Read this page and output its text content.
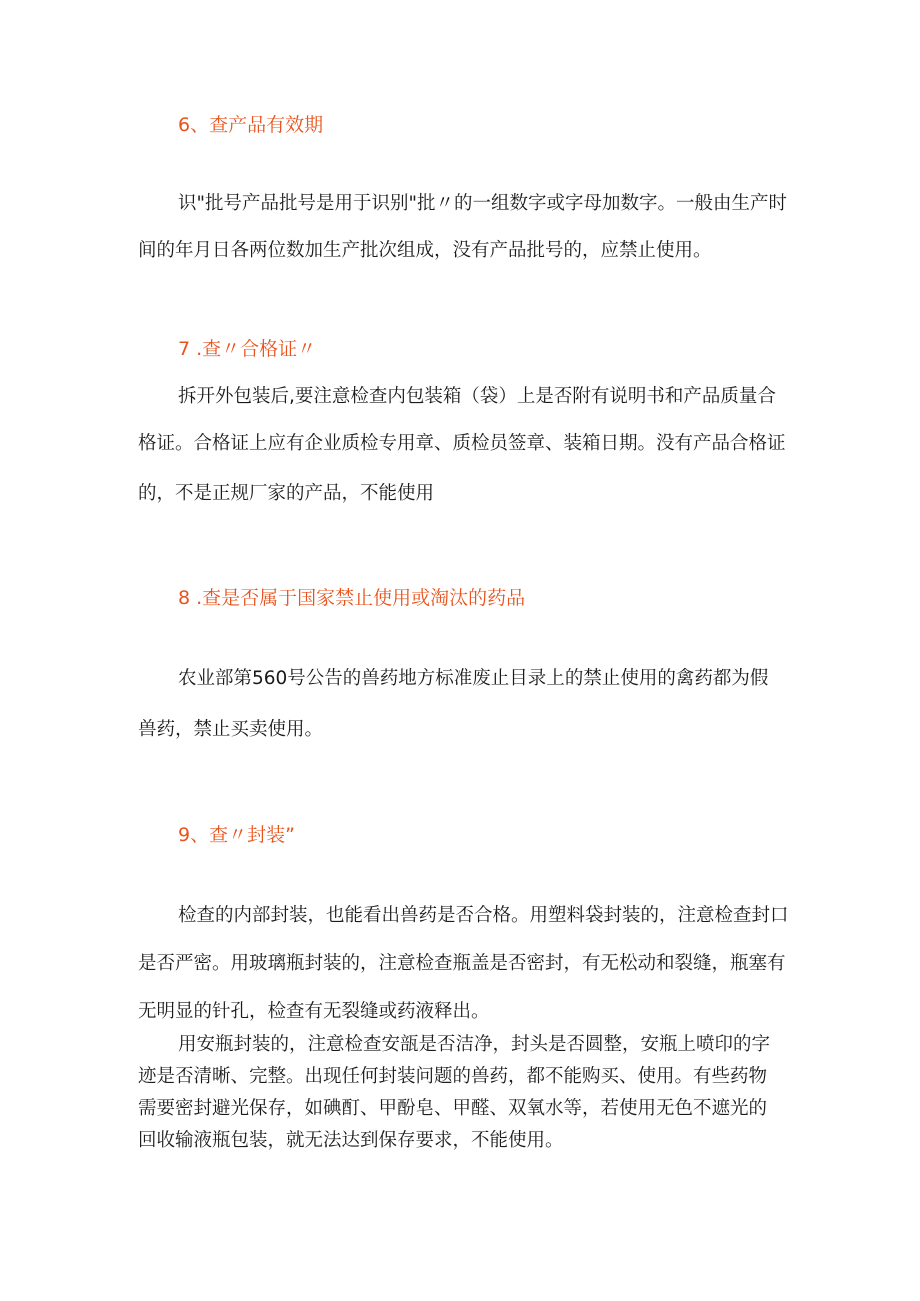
6、查产品有效期
识"批号产品批号是用于识别"批〃的一组数字或字母加数字。一般由生产时
间的年月日各两位数加生产批次组成，没有产品批号的，应禁止使用。
7 .查〃合格证〃
拆开外包装后,要注意检查内包装箱（袋）上是否附有说明书和产品质量合
格证。合格证上应有企业质检专用章、质检员签章、装箱日期。没有产品合格证
的，不是正规厂家的产品，不能使用
8 .查是否属于国家禁止使用或淘汰的药品
农业部第560号公告的兽药地方标准废止目录上的禁止使用的禽药都为假
兽药，禁止买卖使用。
9、查〃封装”
检查的内部封装，也能看出兽药是否合格。用塑料袋封装的，注意检查封口
是否严密。用玻璃瓶封装的，注意检查瓶盖是否密封，有无松动和裂缝，瓶塞有
无明显的针孔，检查有无裂缝或药液释出。
用安瓶封装的，注意检查安瓿是否洁净，封头是否圆整，安瓶上喷印的字
迹是否清晰、完整。出现任何封装问题的兽药，都不能购买、使用。有些药物
需要密封避光保存，如碘酊、甲酚皂、甲醛、双氧水等，若使用无色不遮光的
回收输液瓶包装，就无法达到保存要求，不能使用。
